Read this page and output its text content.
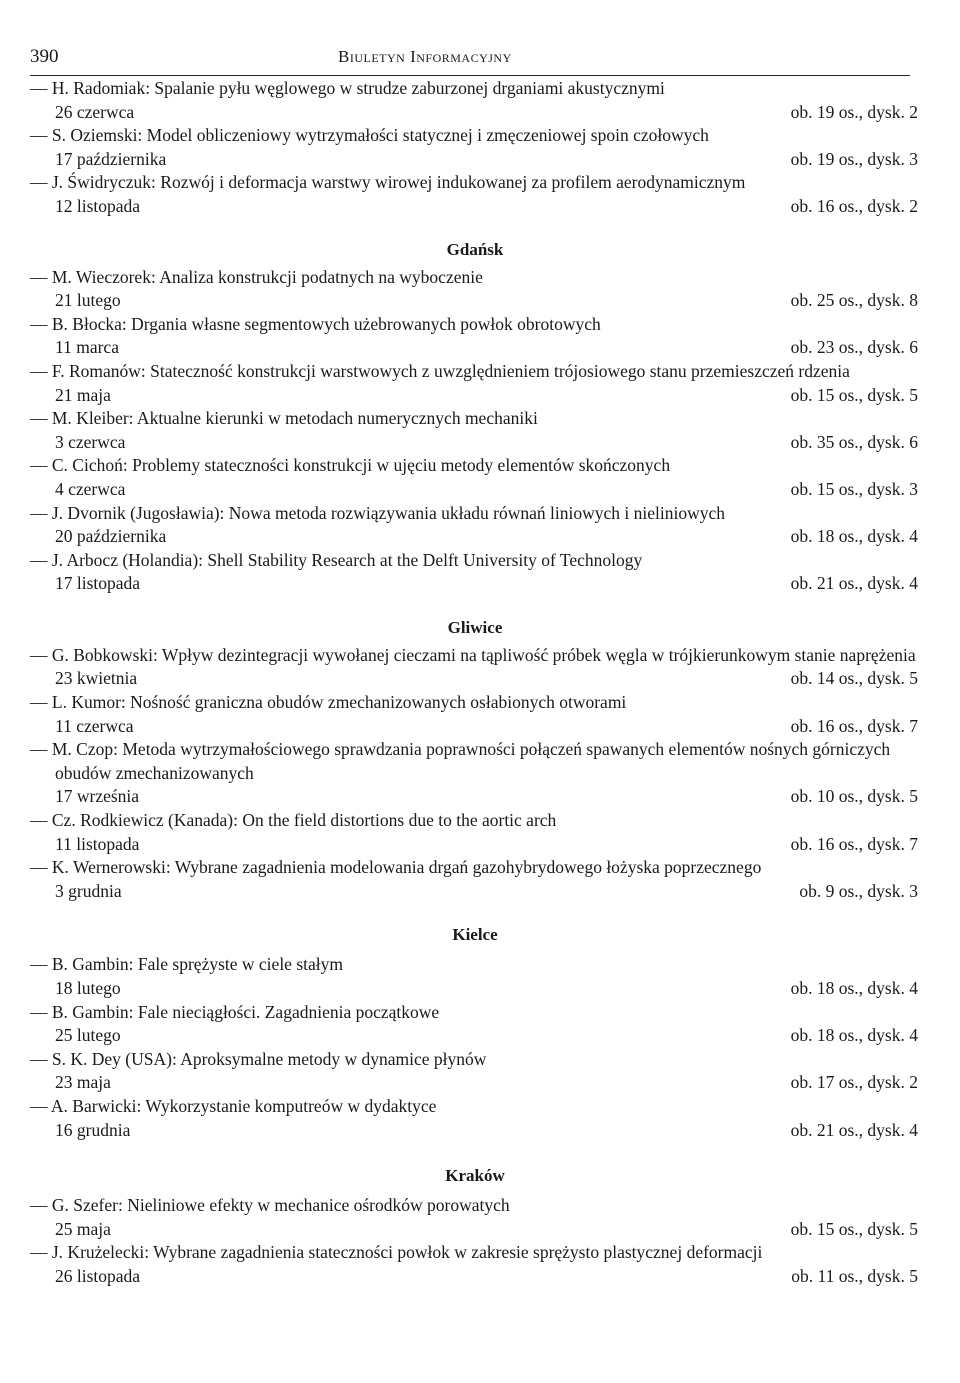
390	Biuletyn Informacyjny
— H. Radomiak: Spalanie pyłu węglowego w strudze zaburzonej drganiami akustycznymi
26 czerwca	ob. 19 os., dysk. 2
— S. Oziemski: Model obliczeniowy wytrzymałości statycznej i zmęczeniowej spoin czołowych
17 października	ob. 19 os., dysk. 3
— J. Świdryczuk: Rozwój i deformacja warstwy wirowej indukowanej za profilem aerodynamicznym
12 listopada	ob. 16 os., dysk. 2
Gdańsk
— M. Wieczorek: Analiza konstrukcji podatnych na wyboczenie
21 lutego	ob. 25 os., dysk. 8
— B. Błocka: Drgania własne segmentowych użebrowanych powłok obrotowych
11 marca	ob. 23 os., dysk. 6
— F. Romanów: Stateczność konstrukcji warstwowych z uwzględnieniem trójosiowego stanu przemieszczeń rdzenia
21 maja	ob. 15 os., dysk. 5
— M. Kleiber: Aktualne kierunki w metodach numerycznych mechaniki
3 czerwca	ob. 35 os., dysk. 6
— C. Cichoń: Problemy stateczności konstrukcji w ujęciu metody elementów skończonych
4 czerwca	ob. 15 os., dysk. 3
— J. Dvornik (Jugosławia): Nowa metoda rozwiązywania układu równań liniowych i nieliniowych
20 października	ob. 18 os., dysk. 4
— J. Arbocz (Holandia): Shell Stability Research at the Delft University of Technology
17 listopada	ob. 21 os., dysk. 4
Gliwice
— G. Bobkowski: Wpływ dezintegracji wywołanej cieczami na tąpliwość próbek węgla w trójkierunkowym stanie naprężenia
23 kwietnia	ob. 14 os., dysk. 5
— L. Kumor: Nośność graniczna obudów zmechanizowanych osłabionych otworami
11 czerwca	ob. 16 os., dysk. 7
— M. Czop: Metoda wytrzymałościowego sprawdzania poprawności połączeń spawanych elementów nośnych górniczych obudów zmechanizowanych
17 września	ob. 10 os., dysk. 5
— Cz. Rodkiewicz (Kanada): On the field distortions due to the aortic arch
11 listopada	ob. 16 os., dysk. 7
— K. Wernerowski: Wybrane zagadnienia modelowania drgań gazohybrydowego łożyska poprzecznego
3 grudnia	ob. 9 os., dysk. 3
Kielce
— B. Gambin: Fale sprężyste w ciele stałym
18 lutego	ob. 18 os., dysk. 4
— B. Gambin: Fale nieciągłości. Zagadnienia początkowe
25 lutego	ob. 18 os., dysk. 4
— S. K. Dey (USA): Aproksymalne metody w dynamice płynów
23 maja	ob. 17 os., dysk. 2
— A. Barwicki: Wykorzystanie komputreów w dydaktyce
16 grudnia	ob. 21 os., dysk. 4
Kraków
— G. Szefer: Nieliniowe efekty w mechanice ośrodków porowatych
25 maja	ob. 15 os., dysk. 5
— J. Krużelecki: Wybrane zagadnienia stateczności powłok w zakresie sprężysto plastycznej deformacji
26 listopada	ob. 11 os., dysk. 5
